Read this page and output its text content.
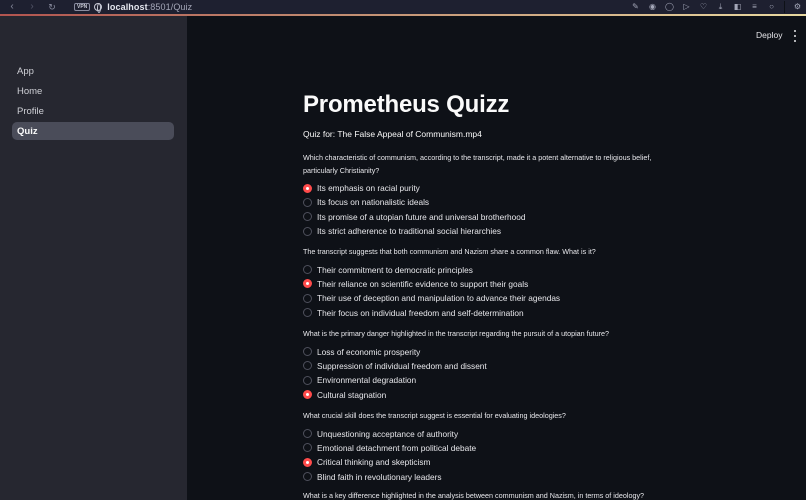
‹	›	↻	VPN	localhost:8501/Quiz	✎	◉	◯	▷	♡	⤓	◧	≡	○	⚙
App
Home
Profile
Quiz
Prometheus Quizz

Quiz for: The False Appeal of Communism.mp4

Which characteristic of communism, according to the transcript, made it a potent alternative to religious belief, particularly Christianity?

Its emphasis on racial purity
Its focus on nationalistic ideals
Its promise of a utopian future and universal brotherhood
Its strict adherence to traditional social hierarchies

The transcript suggests that both communism and Nazism share a common flaw. What is it?

Their commitment to democratic principles
Their reliance on scientific evidence to support their goals
Their use of deception and manipulation to advance their agendas
Their focus on individual freedom and self-determination

What is the primary danger highlighted in the transcript regarding the pursuit of a utopian future?

Loss of economic prosperity
Suppression of individual freedom and dissent
Environmental degradation
Cultural stagnation

What crucial skill does the transcript suggest is essential for evaluating ideologies?

Unquestioning acceptance of authority
Emotional detachment from political debate
Critical thinking and skepticism
Blind faith in revolutionary leaders

What is a key difference highlighted in the analysis between communism and Nazism, in terms of ideology?

Deploy
